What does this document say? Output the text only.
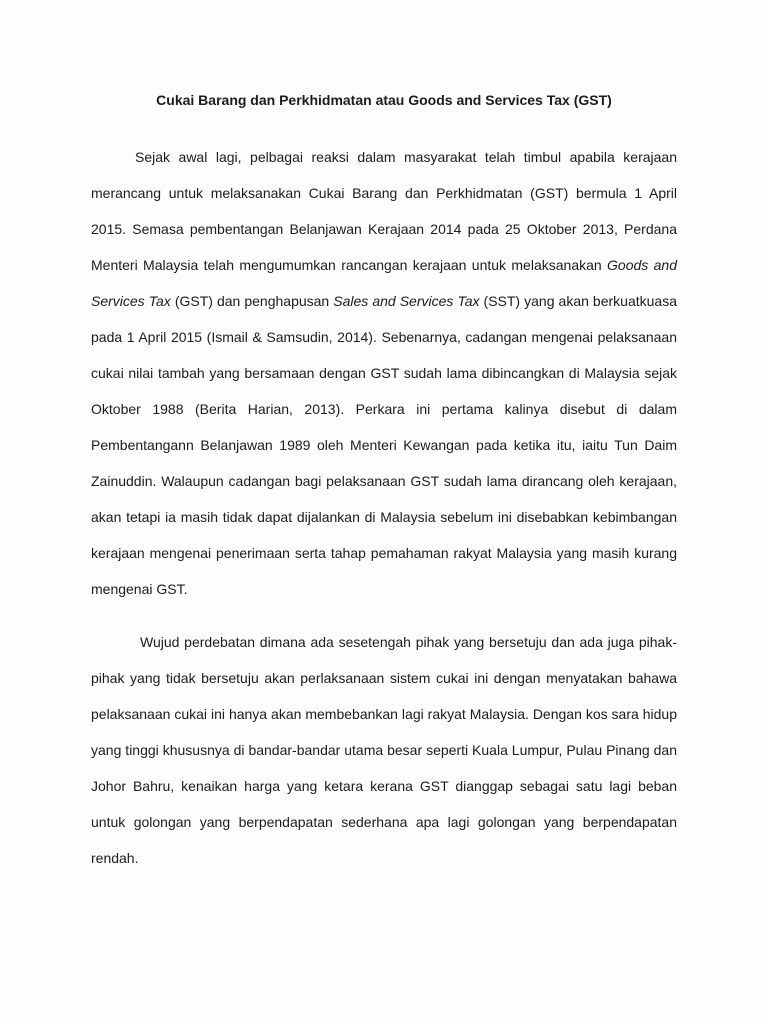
Cukai Barang dan Perkhidmatan atau Goods and Services Tax (GST)

Sejak awal lagi, pelbagai reaksi dalam masyarakat telah timbul apabila kerajaan merancang untuk melaksanakan Cukai Barang dan Perkhidmatan (GST) bermula 1 April 2015. Semasa pembentangan Belanjawan Kerajaan 2014 pada 25 Oktober 2013, Perdana Menteri Malaysia telah mengumumkan rancangan kerajaan untuk melaksanakan Goods and Services Tax (GST) dan penghapusan Sales and Services Tax (SST) yang akan berkuatkuasa pada 1 April 2015 (Ismail & Samsudin, 2014). Sebenarnya, cadangan mengenai pelaksanaan cukai nilai tambah yang bersamaan dengan GST sudah lama dibincangkan di Malaysia sejak Oktober 1988 (Berita Harian, 2013). Perkara ini pertama kalinya disebut di dalam Pembentangann Belanjawan 1989 oleh Menteri Kewangan pada ketika itu, iaitu Tun Daim Zainuddin. Walaupun cadangan bagi pelaksanaan GST sudah lama dirancang oleh kerajaan, akan tetapi ia masih tidak dapat dijalankan di Malaysia sebelum ini disebabkan kebimbangan kerajaan mengenai penerimaan serta tahap pemahaman rakyat Malaysia yang masih kurang mengenai GST.

Wujud perdebatan dimana ada sesetengah pihak yang bersetuju dan ada juga pihak-pihak yang tidak bersetuju akan perlaksanaan sistem cukai ini dengan menyatakan bahawa pelaksanaan cukai ini hanya akan membebankan lagi rakyat Malaysia. Dengan kos sara hidup yang tinggi khususnya di bandar-bandar utama besar seperti Kuala Lumpur, Pulau Pinang dan Johor Bahru, kenaikan harga yang ketara kerana GST dianggap sebagai satu lagi beban untuk golongan yang berpendapatan sederhana apa lagi golongan yang berpendapatan rendah.
